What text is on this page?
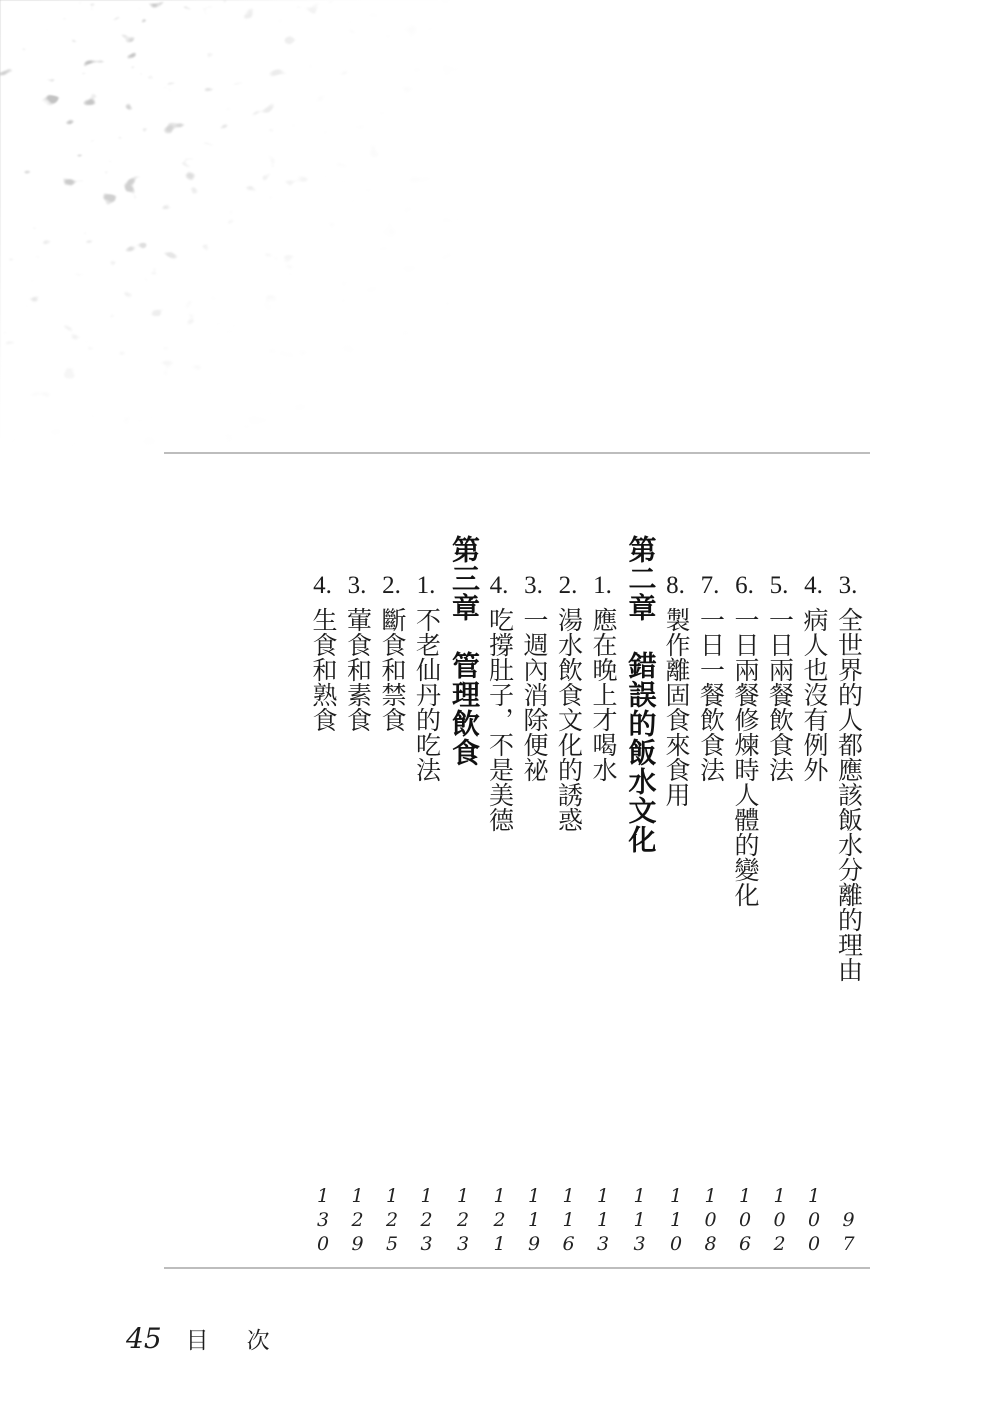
3.全世界的人都應該飯水分離的理由
97
4.病人也沒有例外
100
5.一日兩餐飲食法
102
6.一日兩餐修煉時人體的變化
106
7.一日一餐飲食法
108
8.製作離固食來食用
110
第二章　錯誤的飯水文化
113
1.應在晚上才喝水
113
2.湯水飲食文化的誘惑
116
3.一週內消除便祕
119
4.吃撐肚子，不是美德
121
第三章　管理飲食
123
1.不老仙丹的吃法
123
2.斷食和禁食
125
3.葷食和素食
129
4.生食和熟食
130
45 目次
